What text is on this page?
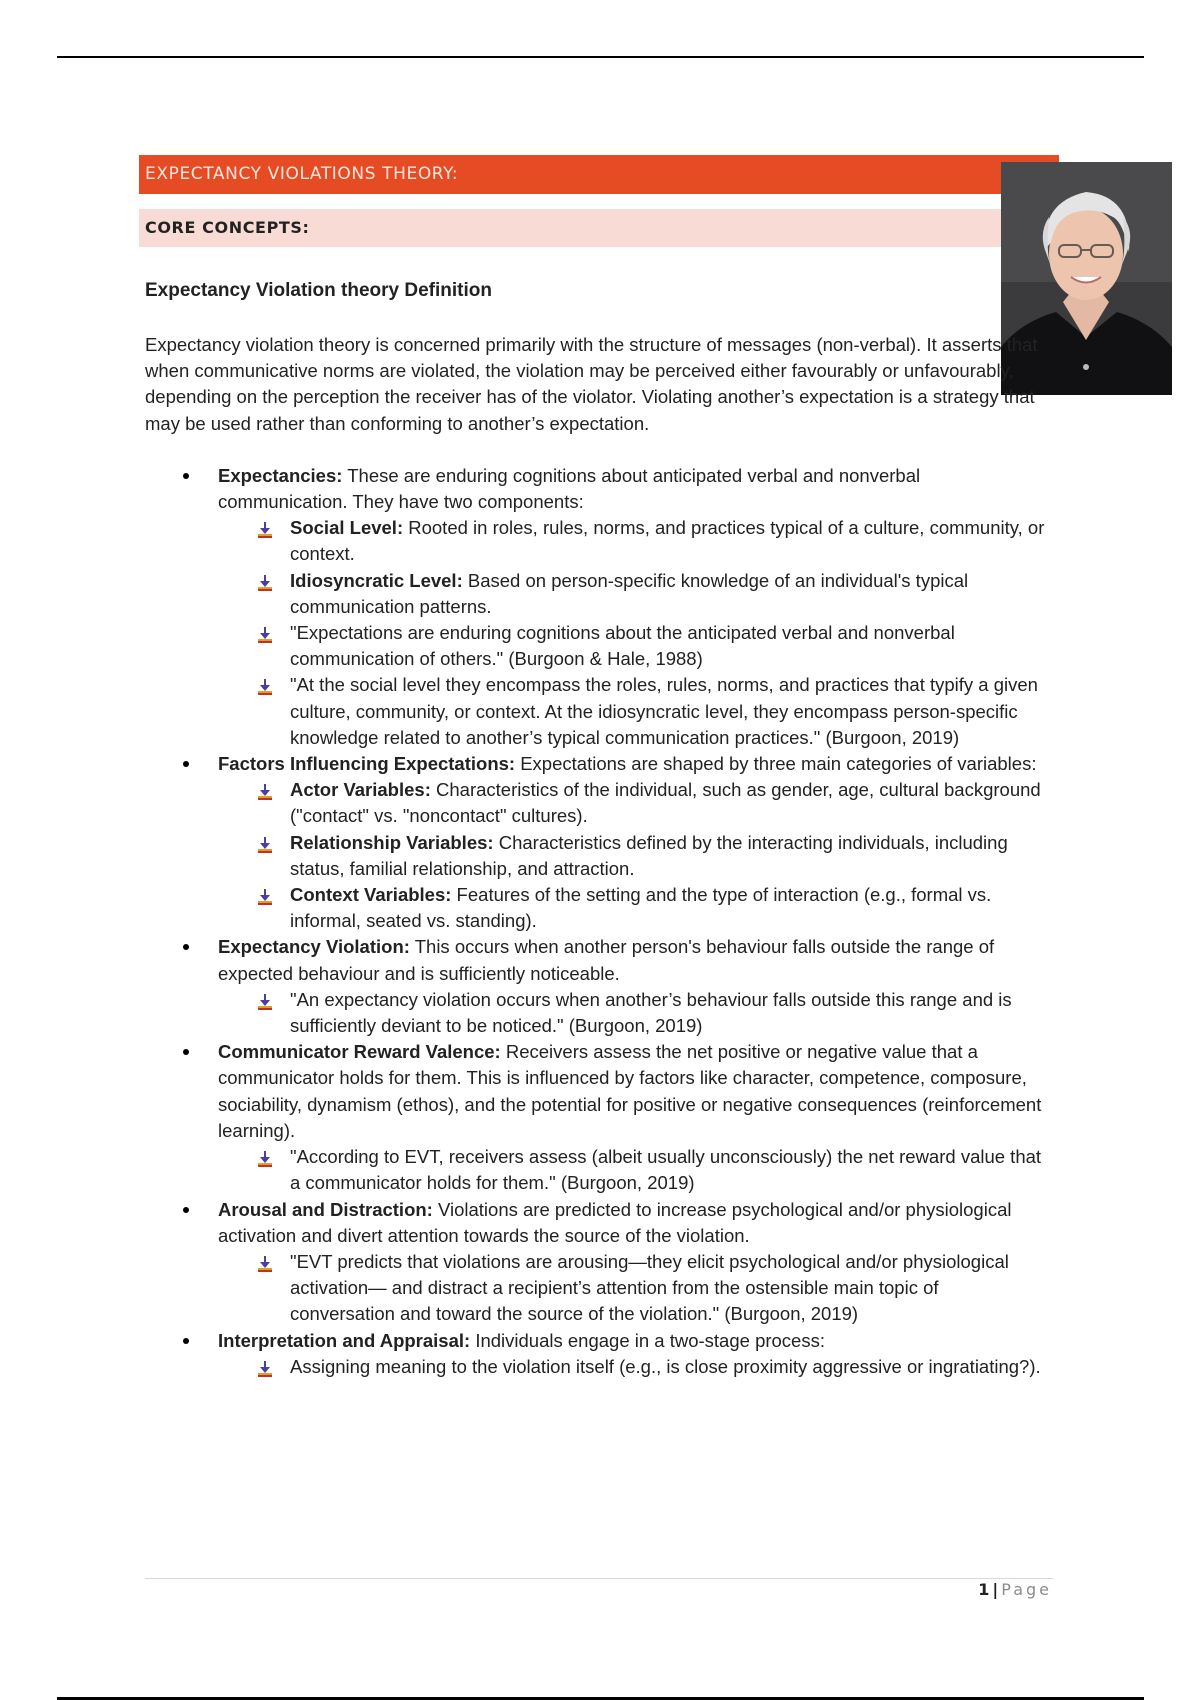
EXPECTANCY VIOLATIONS THEORY:
CORE CONCEPTS:

Expectancy Violation theory Definition

Expectancy violation theory is concerned primarily with the structure of messages (non-verbal). It asserts that when communicative norms are violated, the violation may be perceived either favourably or unfavourably, depending on the perception the receiver has of the violator. Violating another’s expectation is a strategy that may be used rather than conforming to another’s expectation.

Expectancies: These are enduring cognitions about anticipated verbal and nonverbal communication. They have two components:
Social Level: Rooted in roles, rules, norms, and practices typical of a culture, community, or context.
Idiosyncratic Level: Based on person-specific knowledge of an individual's typical communication patterns.
"Expectations are enduring cognitions about the anticipated verbal and nonverbal communication of others." (Burgoon & Hale, 1988)
"At the social level they encompass the roles, rules, norms, and practices that typify a given culture, community, or context. At the idiosyncratic level, they encompass person-specific knowledge related to another’s typical communication practices." (Burgoon, 2019)
Factors Influencing Expectations: Expectations are shaped by three main categories of variables:
Actor Variables: Characteristics of the individual, such as gender, age, cultural background ("contact" vs. "noncontact" cultures).
Relationship Variables: Characteristics defined by the interacting individuals, including status, familial relationship, and attraction.
Context Variables: Features of the setting and the type of interaction (e.g., formal vs. informal, seated vs. standing).
Expectancy Violation: This occurs when another person's behaviour falls outside the range of expected behaviour and is sufficiently noticeable.
"An expectancy violation occurs when another’s behaviour falls outside this range and is sufficiently deviant to be noticed." (Burgoon, 2019)
Communicator Reward Valence: Receivers assess the net positive or negative value that a communicator holds for them. This is influenced by factors like character, competence, composure, sociability, dynamism (ethos), and the potential for positive or negative consequences (reinforcement learning).
"According to EVT, receivers assess (albeit usually unconsciously) the net reward value that a communicator holds for them." (Burgoon, 2019)
Arousal and Distraction: Violations are predicted to increase psychological and/or physiological activation and divert attention towards the source of the violation.
"EVT predicts that violations are arousing—they elicit psychological and/or physiological activation— and distract a recipient’s attention from the ostensible main topic of conversation and toward the source of the violation." (Burgoon, 2019)
Interpretation and Appraisal: Individuals engage in a two-stage process:
Assigning meaning to the violation itself (e.g., is close proximity aggressive or ingratiating?).
1 | Page
